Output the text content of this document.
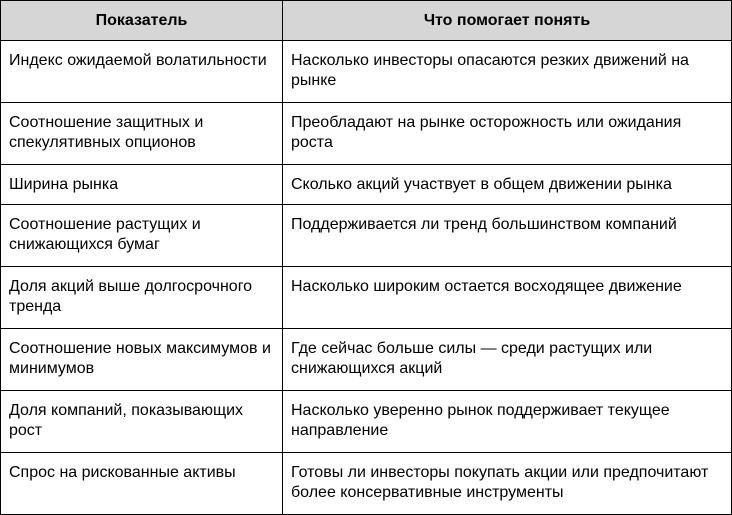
Показатель	Что помогает понять
Индекс ожидаемой волатильности	Насколько инвесторы опасаются резких движений на рынке
Соотношение защитных и спекулятивных опционов	Преобладают на рынке осторожность или ожидания роста
Ширина рынка	Сколько акций участвует в общем движении рынка
Соотношение растущих и снижающихся бумаг	Поддерживается ли тренд большинством компаний
Доля акций выше долгосрочного тренда	Насколько широким остается восходящее движение
Соотношение новых максимумов и минимумов	Где сейчас больше силы — среди растущих или снижающихся акций
Доля компаний, показывающих рост	Насколько уверенно рынок поддерживает текущее направление
Спрос на рискованные активы	Готовы ли инвесторы покупать акции или предпочитают более консервативные инструменты
